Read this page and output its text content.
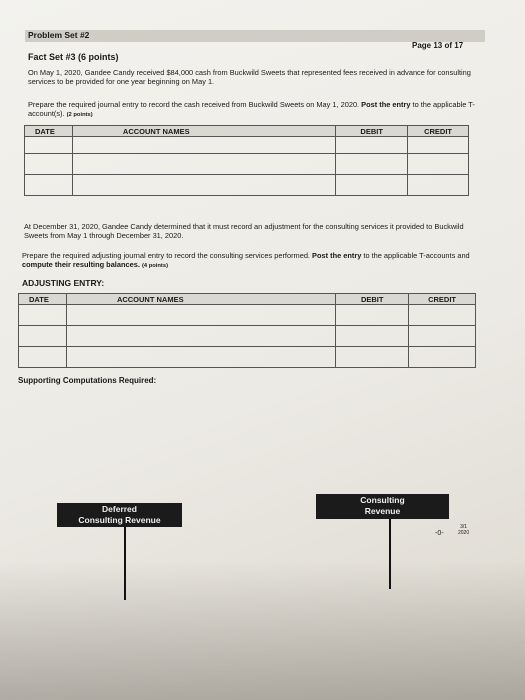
Problem Set #2
Page 13 of 17
Fact Set #3 (6 points)
On May 1, 2020, Gandee Candy received $84,000 cash from Buckwild Sweets that represented fees received in advance for consulting services to be provided for one year beginning on May 1.
Prepare the required journal entry to record the cash received from Buckwild Sweets on May 1, 2020. Post the entry to the applicable T-account(s). (2 points)
DATE	ACCOUNT NAMES	DEBIT	CREDIT

At December 31, 2020, Gandee Candy determined that it must record an adjustment for the consulting services it provided to Buckwild Sweets from May 1 through December 31, 2020.
Prepare the required adjusting journal entry to record the consulting services performed. Post the entry to the applicable T-accounts and compute their resulting balances. (4 points)
ADJUSTING ENTRY:
DATE	ACCOUNT NAMES	DEBIT	CREDIT

Supporting Computations Required:
Deferred
Consulting Revenue
Consulting
Revenue
-0-
3/1
2020
